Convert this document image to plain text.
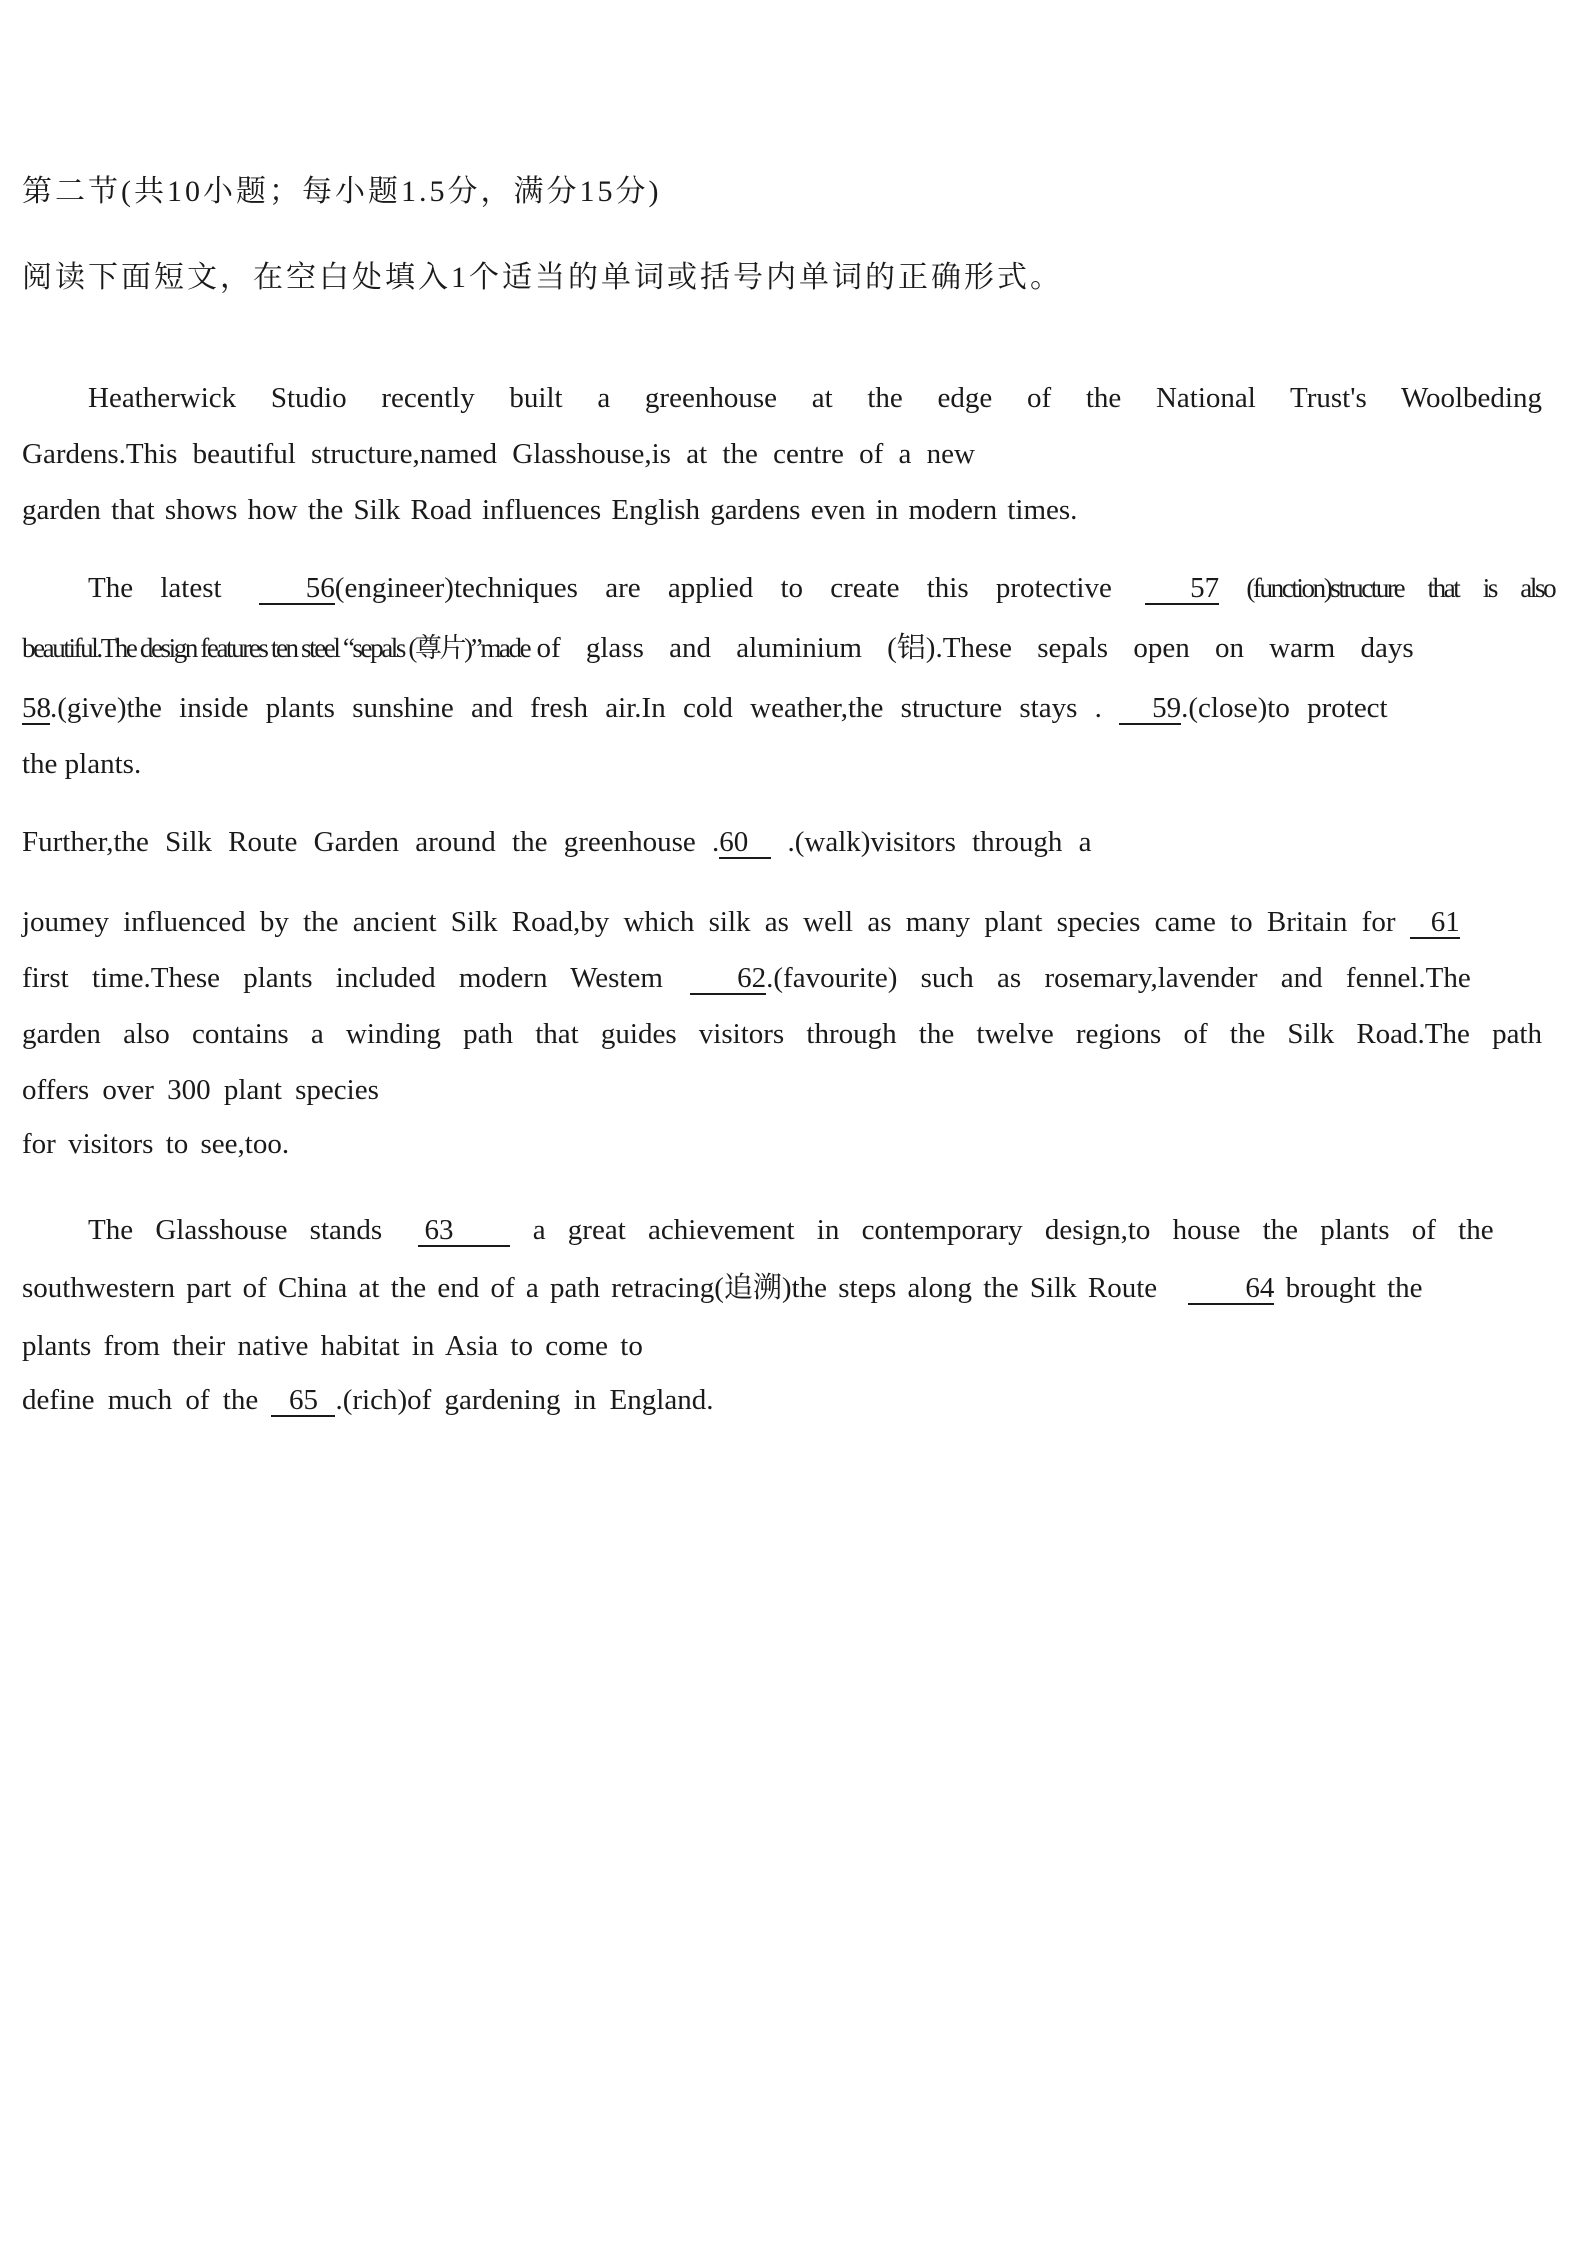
第二节(共10小题；每小题1.5分，满分15分)
阅读下面短文，在空白处填入1个适当的单词或括号内单词的正确形式。
Heatherwick Studio recently built a greenhouse at the edge of the National Trust's Woolbeding
Gardens.This beautiful structure,named Glasshouse,is at the centre of a new
garden that shows how the Silk Road influences English gardens even in modern times.
The latest	56(engineer)techniques are applied to create this protective	57 (function)structure that is also
beautiful.The design features ten steel “sepals (尊片)”made of glass and aluminium (铝).These sepals open on warm days
58.(give)the inside plants sunshine and fresh air.In cold weather,the structure stays . 59.(close)to protect
the plants.
Further,the Silk Route Garden around the greenhouse .60 .(walk)visitors through a
joumey influenced by the ancient Silk Road,by which silk as well as many plant species came to Britain for 61
first time.These plants included modern Westem	62.(favourite) such as rosemary,lavender and fennel.The
garden also contains a winding path that guides visitors through the twelve regions of the Silk Road.The path
offers over 300 plant species
for visitors to see,too.
The Glasshouse stands 63	a great achievement in contemporary design,to house the plants of the
southwestern part of China at the end of a path retracing(追溯)the steps along the Silk Route	64 brought the
plants from their native habitat in Asia to come to
define much of the 65 .(rich)of gardening in England.
